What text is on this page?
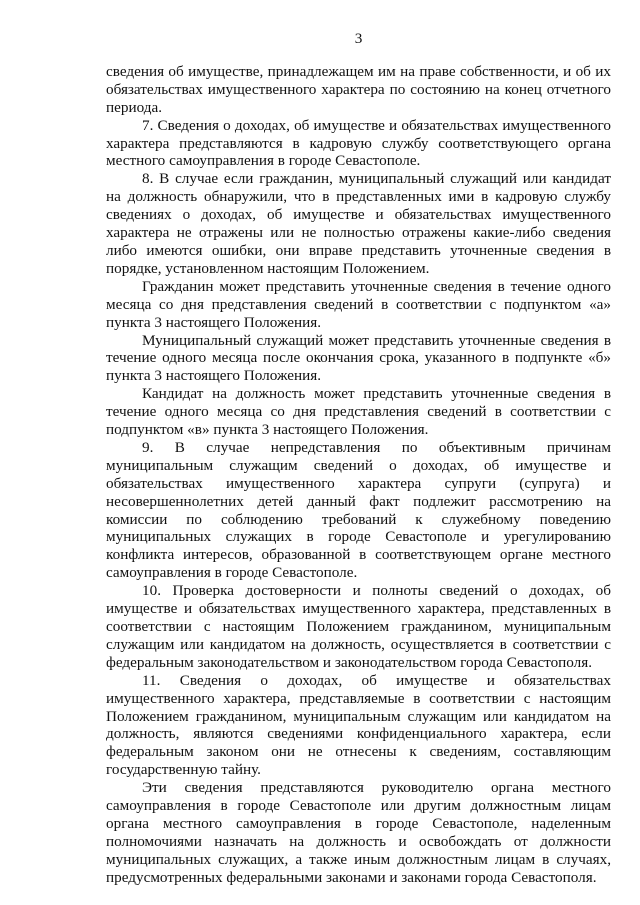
3

сведения об имуществе, принадлежащем им на праве собственности, и об их обязательствах имущественного характера по состоянию на конец отчетного периода.

7. Сведения о доходах, об имуществе и обязательствах имущественного характера представляются в кадровую службу соответствующего органа местного самоуправления в городе Севастополе.

8. В случае если гражданин, муниципальный служащий или кандидат на должность обнаружили, что в представленных ими в кадровую службу сведениях о доходах, об имуществе и обязательствах имущественного характера не отражены или не полностью отражены какие-либо сведения либо имеются ошибки, они вправе представить уточненные сведения в порядке, установленном настоящим Положением.

Гражданин может представить уточненные сведения в течение одного месяца со дня представления сведений в соответствии с подпунктом «а» пункта 3 настоящего Положения.

Муниципальный служащий может представить уточненные сведения в течение одного месяца после окончания срока, указанного в подпункте «б» пункта 3 настоящего Положения.

Кандидат на должность может представить уточненные сведения в течение одного месяца со дня представления сведений в соответствии с подпунктом «в» пункта 3 настоящего Положения.

9. В случае непредставления по объективным причинам муниципальным служащим сведений о доходах, об имуществе и обязательствах имущественного характера супруги (супруга) и несовершеннолетних детей данный факт подлежит рассмотрению на комиссии по соблюдению требований к служебному поведению муниципальных служащих в городе Севастополе и урегулированию конфликта интересов, образованной в соответствующем органе местного самоуправления в городе Севастополе.

10. Проверка достоверности и полноты сведений о доходах, об имуществе и обязательствах имущественного характера, представленных в соответствии с настоящим Положением гражданином, муниципальным служащим или кандидатом на должность, осуществляется в соответствии с федеральным законодательством и законодательством города Севастополя.

11. Сведения о доходах, об имуществе и обязательствах имущественного характера, представляемые в соответствии с настоящим Положением гражданином, муниципальным служащим или кандидатом на должность, являются сведениями конфиденциального характера, если федеральным законом они не отнесены к сведениям, составляющим государственную тайну.

Эти сведения представляются руководителю органа местного самоуправления в городе Севастополе или другим должностным лицам органа местного самоуправления в городе Севастополе, наделенным полномочиями назначать на должность и освобождать от должности муниципальных служащих, а также иным должностным лицам в случаях, предусмотренных федеральными законами и законами города Севастополя.
